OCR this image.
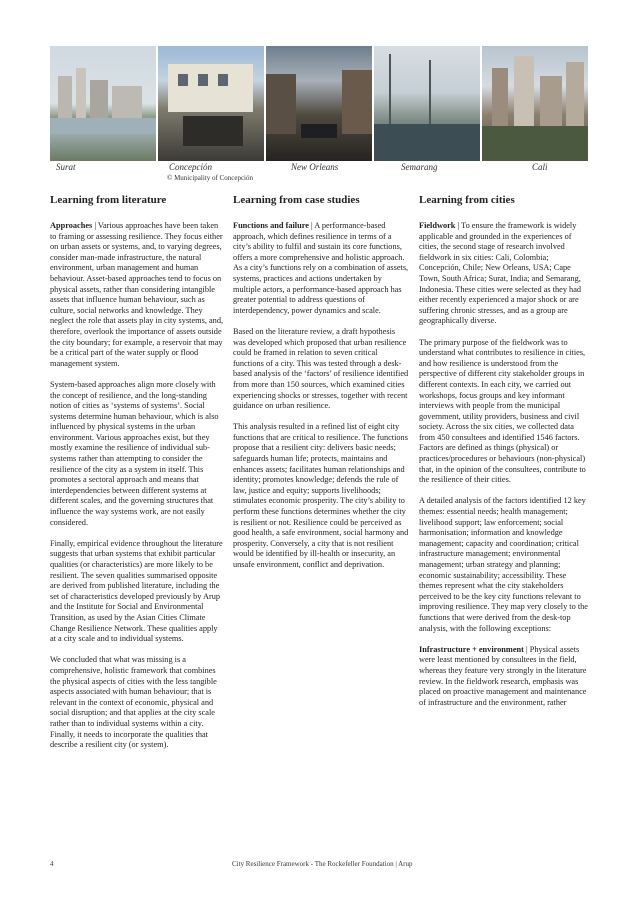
Surat	Concepción	New Orleans	Semarang	Cali
© Municipality of Concepción
Learning from literature

Approaches | Various approaches have been taken to framing or assessing resilience. They focus either on urban assets or systems, and, to varying degrees, consider man-made infrastructure, the natural environment, urban management and human behaviour. Asset-based approaches tend to focus on physical assets, rather than considering intangible assets that influence human behaviour, such as culture, social networks and knowledge. They neglect the role that assets play in city systems, and, therefore, overlook the importance of assets outside the city boundary; for example, a reservoir that may be a critical part of the water supply or flood management system.

System-based approaches align more closely with the concept of resilience, and the long-standing notion of cities as ‘systems of systems’. Social systems determine human behaviour, which is also influenced by physical systems in the urban environment. Various approaches exist, but they mostly examine the resilience of individual sub-systems rather than attempting to consider the resilience of the city as a system in itself. This promotes a sectoral approach and means that interdependencies between different systems at different scales, and the governing structures that influence the way systems work, are not easily considered.

Finally, empirical evidence throughout the literature suggests that urban systems that exhibit particular qualities (or characteristics) are more likely to be resilient. The seven qualities summarised opposite are derived from published literature, including the set of characteristics developed previously by Arup and the Institute for Social and Environmental Transition, as used by the Asian Cities Climate Change Resilience Network. These qualities apply at a city scale and to individual systems.

We concluded that what was missing is a comprehensive, holistic framework that combines the physical aspects of cities with the less tangible aspects associated with human behaviour; that is relevant in the context of economic, physical and social disruption; and that applies at the city scale rather than to individual systems within a city. Finally, it needs to incorporate the qualities that describe a resilient city (or system).

Learning from case studies

Functions and failure | A performance-based approach, which defines resilience in terms of a city’s ability to fulfil and sustain its core functions, offers a more comprehensive and holistic approach. As a city’s functions rely on a combination of assets, systems, practices and actions undertaken by multiple actors, a performance-based approach has greater potential to address questions of interdependency, power dynamics and scale.

Based on the literature review, a draft hypothesis was developed which proposed that urban resilience could be framed in relation to seven critical functions of a city. This was tested through a desk-based analysis of the ‘factors’ of resilience identified from more than 150 sources, which examined cities experiencing shocks or stresses, together with recent guidance on urban resilience.

This analysis resulted in a refined list of eight city functions that are critical to resilience. The functions propose that a resilient city: delivers basic needs; safeguards human life; protects, maintains and enhances assets; facilitates human relationships and identity; promotes knowledge; defends the rule of law, justice and equity; supports livelihoods; stimulates economic prosperity. The city’s ability to perform these functions determines whether the city is resilient or not. Resilience could be perceived as good health, a safe environment, social harmony and prosperity. Conversely, a city that is not resilient would be identified by ill-health or insecurity, an unsafe environment, conflict and deprivation.

Learning from cities

Fieldwork | To ensure the framework is widely applicable and grounded in the experiences of cities, the second stage of research involved fieldwork in six cities: Cali, Colombia; Concepción, Chile; New Orleans, USA; Cape Town, South Africa; Surat, India; and Semarang, Indonesia. These cities were selected as they had either recently experienced a major shock or are suffering chronic stresses, and as a group are geographically diverse.

The primary purpose of the fieldwork was to understand what contributes to resilience in cities, and how resilience is understood from the perspective of different city stakeholder groups in different contexts. In each city, we carried out workshops, focus groups and key informant interviews with people from the municipal government, utility providers, business and civil society. Across the six cities, we collected data from 450 consultees and identified 1546 factors. Factors are defined as things (physical) or practices/procedures or behaviours (non-physical) that, in the opinion of the consultees, contribute to the resilience of their cities.

A detailed analysis of the factors identified 12 key themes: essential needs; health management; livelihood support; law enforcement; social harmonisation; information and knowledge management; capacity and coordination; critical infrastructure management; environmental management; urban strategy and planning; economic sustainability; accessibility. These themes represent what the city stakeholders perceived to be the key city functions relevant to improving resilience. They map very closely to the functions that were derived from the desk-top analysis, with the following exceptions:

Infrastructure + environment | Physical assets were least mentioned by consultees in the field, whereas they feature very strongly in the literature review. In the fieldwork research, emphasis was placed on proactive management and maintenance of infrastructure and the environment, rather

4	City Resilience Framework - The Rockefeller Foundation | Arup
